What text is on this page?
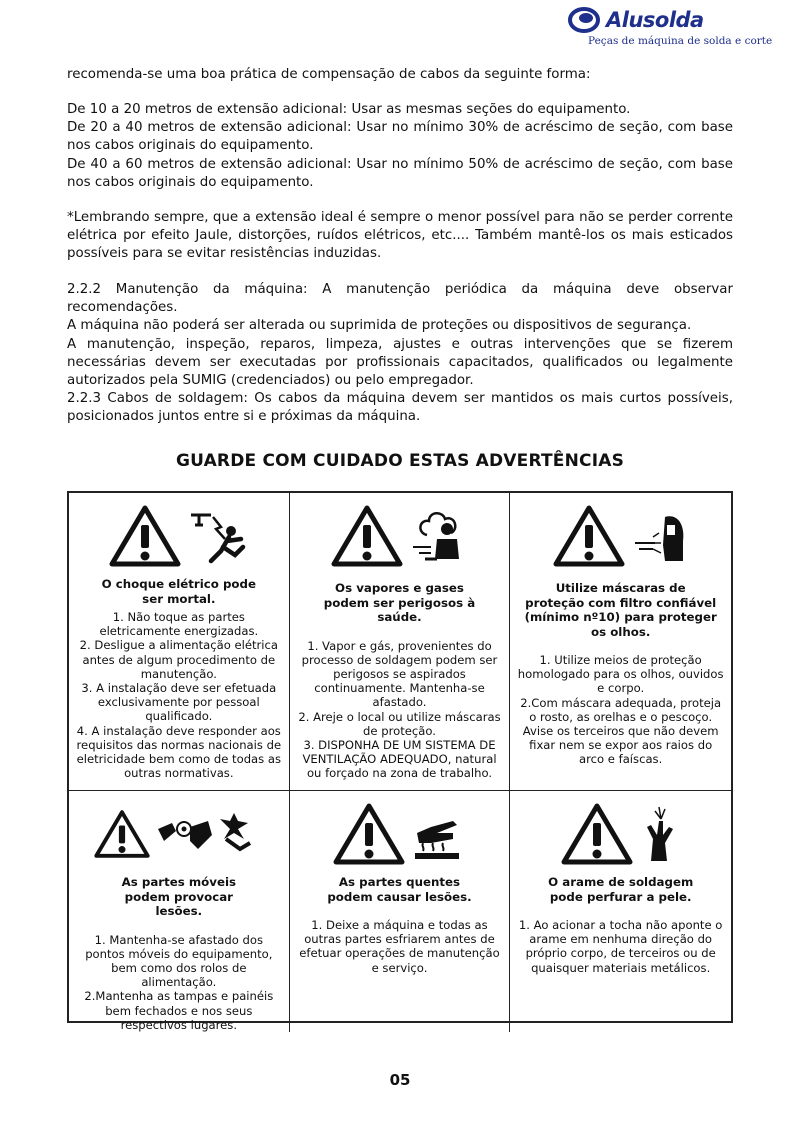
Alusolda
Peças de máquina de solda e corte

recomenda-se uma boa prática de compensação de cabos da seguinte forma:

De 10 a 20 metros de extensão adicional: Usar as mesmas seções do equipamento.

De 20 a 40 metros de extensão adicional: Usar no mínimo 30% de acréscimo de seção, com base nos cabos originais do equipamento.

De 40 a 60 metros de extensão adicional: Usar no mínimo 50% de acréscimo de seção, com base nos cabos originais do equipamento.

*Lembrando sempre, que a extensão ideal é sempre o menor possível para não se perder corrente elétrica por efeito Jaule, distorções, ruídos elétricos, etc.... Também mantê-los os mais esticados possíveis para se evitar resistências induzidas.

2.2.2 Manutenção da máquina: A manutenção periódica da máquina deve observar recomendações.

A máquina não poderá ser alterada ou suprimida de proteções ou dispositivos de segurança.

A manutenção, inspeção, reparos, limpeza, ajustes e outras intervenções que se fizerem necessárias devem ser executadas por profissionais capacitados, qualificados ou legalmente autorizados pela SUMIG (credenciados) ou pelo empregador.

2.2.3 Cabos de soldagem: Os cabos da máquina devem ser mantidos os mais curtos possíveis, posicionados juntos entre si e próximas da máquina.

GUARDE COM CUIDADO ESTAS ADVERTÊNCIAS
O choque elétrico pode ser mortal.
1. Não toque as partes eletricamente energizadas.
2. Desligue a alimentação elétrica antes de algum procedimento de manutenção.
3. A instalação deve ser efetuada exclusivamente por pessoal qualificado.
4. A instalação deve responder aos requisitos das normas nacionais de eletricidade bem como de todas as outras normativas.
Os vapores e gases podem ser perigosos à saúde.
1. Vapor e gás, provenientes do processo de soldagem podem ser perigosos se aspirados continuamente. Mantenha-se afastado.
2. Areje o local ou utilize máscaras de proteção.
3. DISPONHA DE UM SISTEMA DE VENTILAÇÃO ADEQUADO, natural ou forçado na zona de trabalho.
Utilize máscaras de proteção com filtro confiável (mínimo nº10) para proteger os olhos.
1. Utilize meios de proteção homologado para os olhos, ouvidos e corpo.
2.Com máscara adequada, proteja o rosto, as orelhas e o pescoço. Avise os terceiros que não devem fixar nem se expor aos raios do arco e faíscas.
As partes móveis podem provocar lesões.
1. Mantenha-se afastado dos pontos móveis do equipamento, bem como dos rolos de alimentação.
2.Mantenha as tampas e painéis bem fechados e nos seus respectivos lugares.
As partes quentes podem causar lesões.
1. Deixe a máquina e todas as outras partes esfriarem antes de efetuar operações de manutenção e serviço.
O arame de soldagem pode perfurar a pele.
1. Ao acionar a tocha não aponte o arame em nenhuma direção do próprio corpo, de terceiros ou de quaisquer materiais metálicos.
05
